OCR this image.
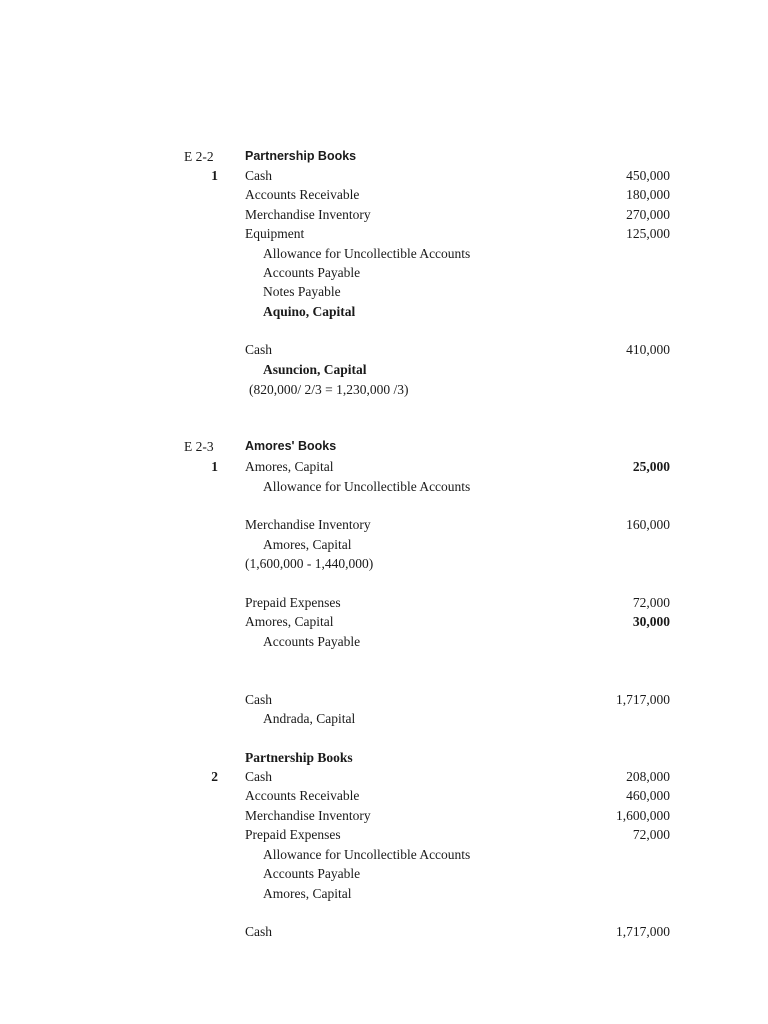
E 2-2	Partnership Books
1 Cash	450,000
Accounts Receivable	180,000
Merchandise Inventory	270,000
Equipment	125,000
Allowance for Uncollectible Accounts
Accounts Payable
Notes Payable
Aquino, Capital
Cash	410,000
Asuncion, Capital
(820,000/ 2/3 = 1,230,000 /3)
E 2-3	Amores' Books
1 Amores, Capital	25,000
Allowance for Uncollectible Accounts
Merchandise Inventory	160,000
Amores, Capital
(1,600,000 - 1,440,000)
Prepaid Expenses	72,000
Amores, Capital	30,000
Accounts Payable
Cash	1,717,000
Andrada, Capital
Partnership Books
2 Cash	208,000
Accounts Receivable	460,000
Merchandise Inventory	1,600,000
Prepaid Expenses	72,000
Allowance for Uncollectible Accounts
Accounts Payable
Amores, Capital
Cash	1,717,000
